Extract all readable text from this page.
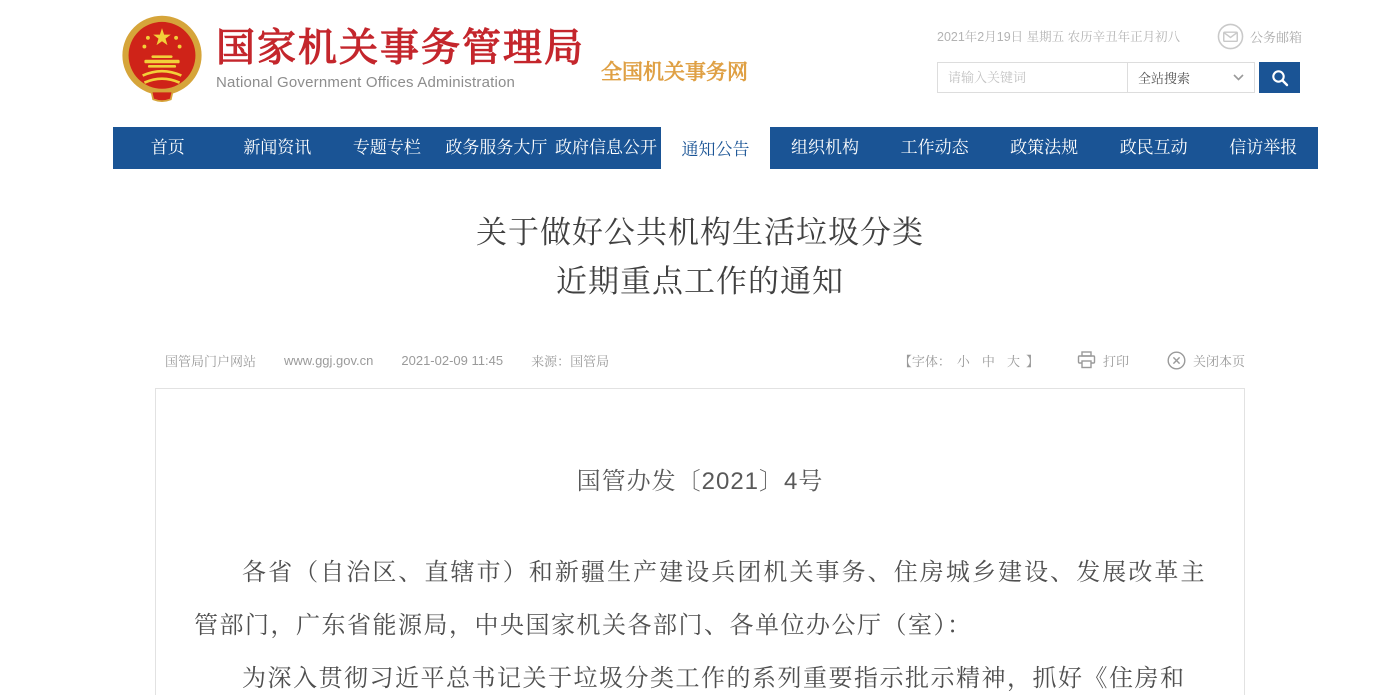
国家机关事务管理局
National Government Offices Administration	全国机关事务网
2021年2月19日 星期五 农历辛丑年正月初八	公务邮箱
请输入关键词
全站搜索
首页	新闻资讯	专题专栏	政务服务大厅 政府信息公开	通知公告	组织机构	工作动态	政策法规	政民互动	信访举报
关于做好公共机构生活垃圾分类
近期重点工作的通知
国管局门户网站 www.ggj.gov.cn 2021-02-09 11:45 来源：国管局	【字体： 小 中 大 】	打印	关闭本页
国管办发〔2021〕4号

各省（自治区、直辖市）和新疆生产建设兵团机关事务、住房城乡建设、发展改革主管部门，广东省能源局，中央国家机关各部门、各单位办公厅（室）：

为深入贯彻习近平总书记关于垃圾分类工作的系列重要指示批示精神，抓好《住房和
